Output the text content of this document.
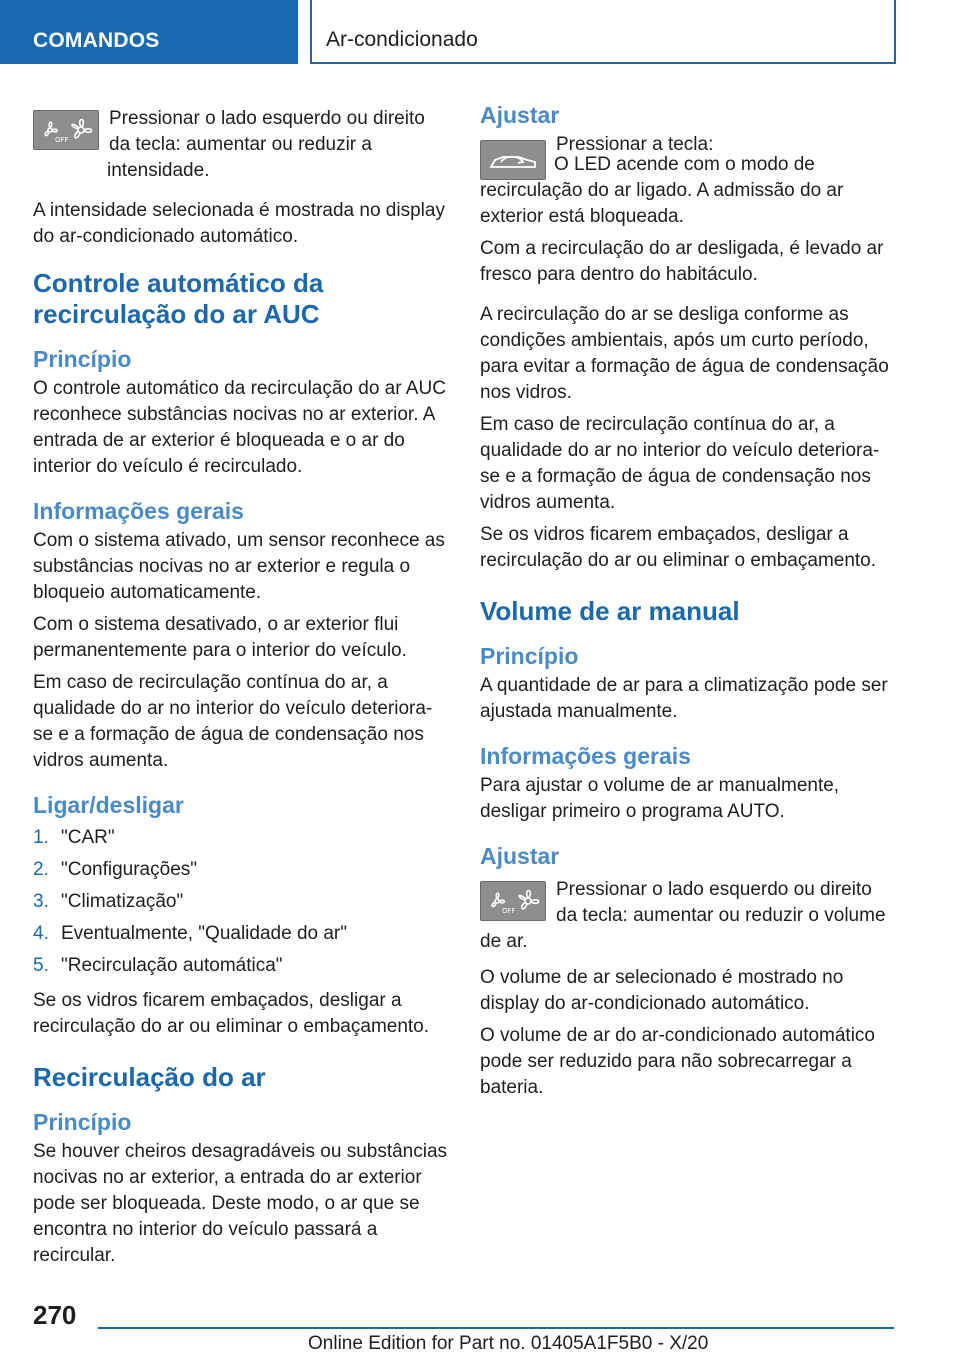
COMANDOS	Ar-condicionado
OFF

Pressionar o lado esquerdo ou direito da tecla: aumentar ou reduzir a intensidade.

A intensidade selecionada é mostrada no display do ar-condicionado automático.

Controle automático da recirculação do ar AUC
Princípio

O controle automático da recirculação do ar AUC reconhece substâncias nocivas no ar exterior. A entrada de ar exterior é bloqueada e o ar do interior do veículo é recirculado.

Informações gerais

Com o sistema ativado, um sensor reconhece as substâncias nocivas no ar exterior e regula o bloqueio automaticamente.

Com o sistema desativado, o ar exterior flui permanentemente para o interior do veículo.

Em caso de recirculação contínua do ar, a qualidade do ar no interior do veículo deteriora-se e a formação de água de condensação nos vidros aumenta.

Ligar/desligar
1. "CAR"
2. "Configurações"
3. "Climatização"
4. Eventualmente, "Qualidade do ar"
5. "Recirculação automática"

Se os vidros ficarem embaçados, desligar a recirculação do ar ou eliminar o embaçamento.

Recirculação do ar
Princípio

Se houver cheiros desagradáveis ou substâncias nocivas no ar exterior, a entrada do ar exterior pode ser bloqueada. Deste modo, o ar que se encontra no interior do veículo passará a recircular.

Ajustar

Pressionar a tecla:

O LED acende com o modo de recirculação do ar ligado. A admissão do ar exterior está bloqueada.

Com a recirculação do ar desligada, é levado ar fresco para dentro do habitáculo.

A recirculação do ar se desliga conforme as condições ambientais, após um curto período, para evitar a formação de água de condensação nos vidros.

Em caso de recirculação contínua do ar, a qualidade do ar no interior do veículo deteriora-se e a formação de água de condensação nos vidros aumenta.

Se os vidros ficarem embaçados, desligar a recirculação do ar ou eliminar o embaçamento.

Volume de ar manual
Princípio

A quantidade de ar para a climatização pode ser ajustada manualmente.

Informações gerais

Para ajustar o volume de ar manualmente, desligar primeiro o programa AUTO.

Ajustar
OFF

Pressionar o lado esquerdo ou direito da tecla: aumentar ou reduzir o volume de ar.

O volume de ar selecionado é mostrado no display do ar-condicionado automático.

O volume de ar do ar-condicionado automático pode ser reduzido para não sobrecarregar a bateria.

270
Online Edition for Part no. 01405A1F5B0 - X/20
